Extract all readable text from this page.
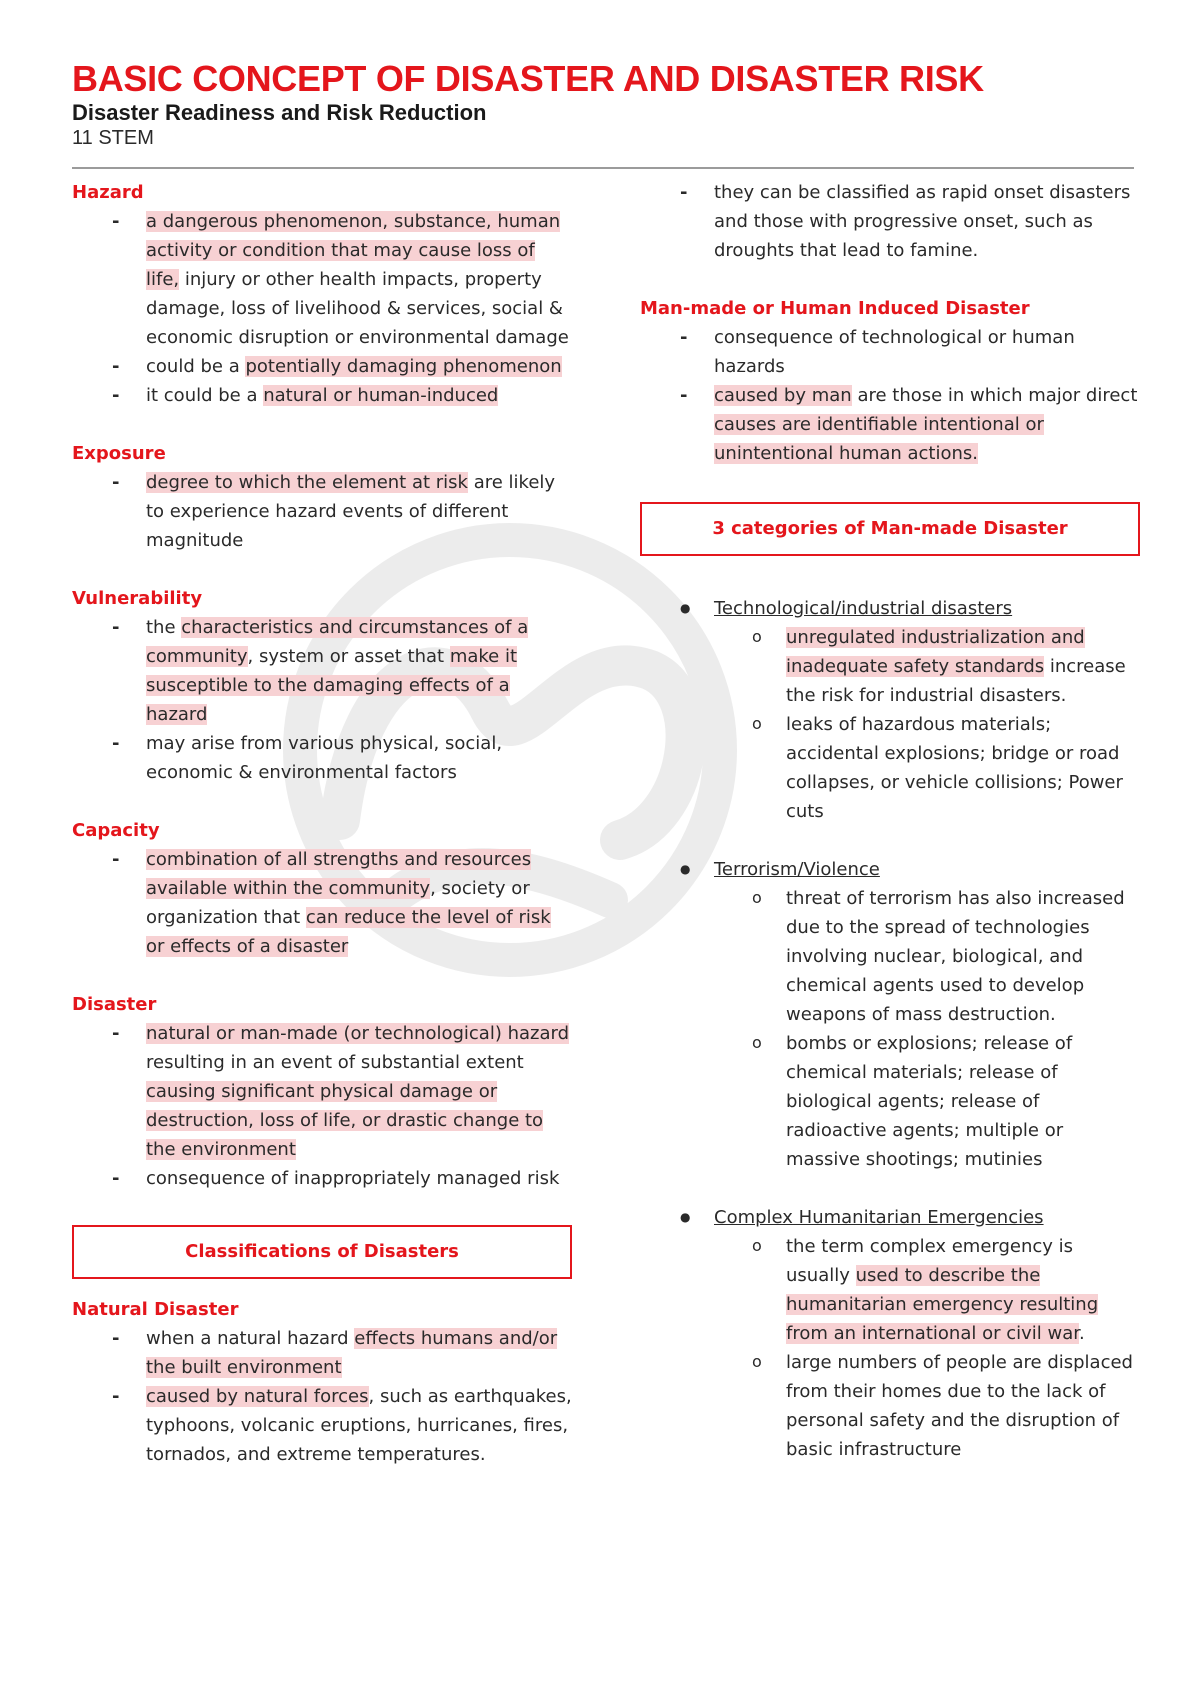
BASIC CONCEPT OF DISASTER AND DISASTER RISK
Disaster Readiness and Risk Reduction
11 STEM
Hazard
- a dangerous phenomenon, substance, human activity or condition that may cause loss of life, injury or other health impacts, property damage, loss of livelihood & services, social & economic disruption or environmental damage
- could be a potentially damaging phenomenon
- it could be a natural or human-induced
Exposure
- degree to which the element at risk are likely to experience hazard events of different magnitude
Vulnerability
- the characteristics and circumstances of a community, system or asset that make it susceptible to the damaging effects of a hazard
- may arise from various physical, social, economic & environmental factors
Capacity
- combination of all strengths and resources available within the community, society or organization that can reduce the level of risk or effects of a disaster
Disaster
- natural or man-made (or technological) hazard resulting in an event of substantial extent causing significant physical damage or destruction, loss of life, or drastic change to the environment
- consequence of inappropriately managed risk
Classifications of Disasters
Natural Disaster
- when a natural hazard effects humans and/or the built environment
- caused by natural forces, such as earthquakes, typhoons, volcanic eruptions, hurricanes, fires, tornados, and extreme temperatures.
- they can be classified as rapid onset disasters and those with progressive onset, such as droughts that lead to famine.
Man-made or Human Induced Disaster
- consequence of technological or human hazards
- caused by man are those in which major direct causes are identifiable intentional or unintentional human actions.
3 categories of Man-made Disaster
● Technological/industrial disasters
o unregulated industrialization and inadequate safety standards increase the risk for industrial disasters.
o leaks of hazardous materials; accidental explosions; bridge or road collapses, or vehicle collisions; Power cuts
● Terrorism/Violence
o threat of terrorism has also increased due to the spread of technologies involving nuclear, biological, and chemical agents used to develop weapons of mass destruction.
o bombs or explosions; release of chemical materials; release of biological agents; release of radioactive agents; multiple or massive shootings; mutinies
● Complex Humanitarian Emergencies
o the term complex emergency is usually used to describe the humanitarian emergency resulting from an international or civil war.
o large numbers of people are displaced from their homes due to the lack of personal safety and the disruption of basic infrastructure
